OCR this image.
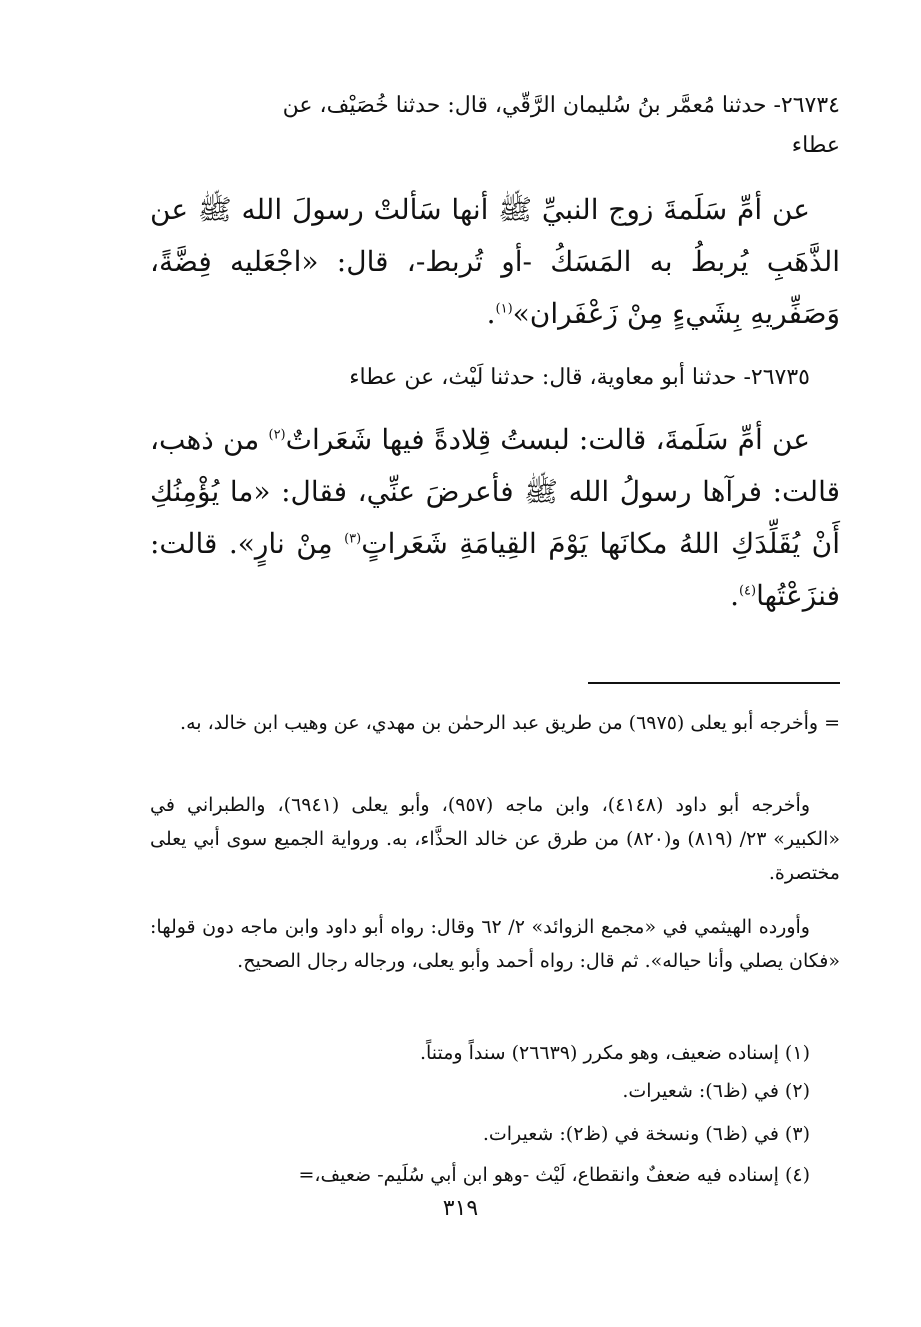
٢٦٧٣٤- حدثنا مُعمَّر بنُ سُليمان الرَّقّي، قال: حدثنا خُصَيْف، عن
عطاء

عن أمِّ سَلَمةَ زوج النبيِّ ﷺ أنها سَألتْ رسولَ الله ﷺ عن الذَّهَبِ يُربطُ به المَسَكُ -أو تُربط-، قال: «اجْعَليه فِضَّةً، وَصَفِّريهِ بِشَيءٍ مِنْ زَعْفَران»$^{(١)}$.

٢٦٧٣٥- حدثنا أبو معاوية، قال: حدثنا لَيْث، عن عطاء

عن أمِّ سَلَمةَ، قالت: لبستُ قِلادةً فيها شَعَراتٌ$^{(٢)}$ من ذهب، قالت: فرآها رسولُ الله ﷺ فأعرضَ عنِّي، فقال: «ما يُؤْمِنُكِ أَنْ يُقَلِّدَكِ اللهُ مكانَها يَوْمَ القِيامَةِ شَعَراتٍ$^{(٣)}$ مِنْ نارٍ». قالت: فنزَعْتُها$^{(٤)}$.

= وأخرجه أبو يعلى (٦٩٧٥) من طريق عبد الرحمٰن بن مهدي، عن وهيب ابن خالد، به.

وأخرجه أبو داود (٤١٤٨)، وابن ماجه (٩٥٧)، وأبو يعلى (٦٩٤١)، والطبراني في «الكبير» ٢٣/ (٨١٩) و(٨٢٠) من طرق عن خالد الحذَّاء، به. ورواية الجميع سوى أبي يعلى مختصرة.

وأورده الهيثمي في «مجمع الزوائد» ٢/ ٦٢ وقال: رواه أبو داود وابن ماجه دون قولها: «فكان يصلي وأنا حياله». ثم قال: رواه أحمد وأبو يعلى، ورجاله رجال الصحيح.

(١) إسناده ضعيف، وهو مكرر (٢٦٦٣٩) سنداً ومتناً.

(٢) في (ظ٦): شعيرات.

(٣) في (ظ٦) ونسخة في (ظ٢): شعيرات.

(٤) إسناده فيه ضعفٌ وانقطاع، لَيْث -وهو ابن أبي سُلَيم- ضعيف،=

٣١٩
